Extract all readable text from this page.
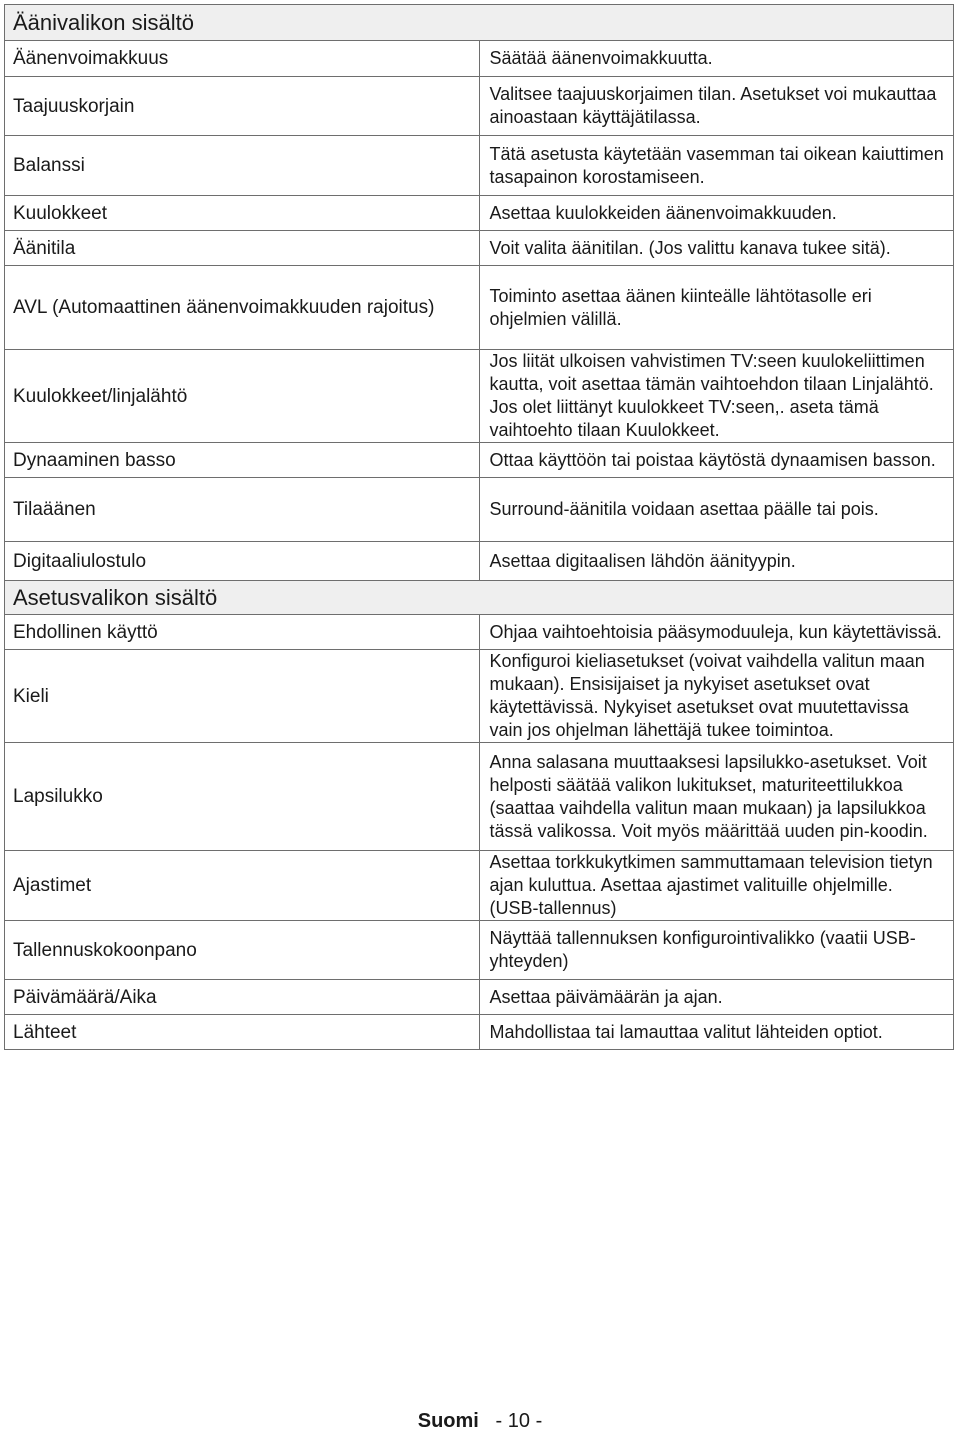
Äänivalikon sisältö	
Äänenvoimakkuus	Säätää äänenvoimakkuutta.
Taajuuskorjain	Valitsee taajuuskorjaimen tilan. Asetukset voi mukauttaa ainoastaan käyttäjätilassa.
Balanssi	Tätä asetusta käytetään vasemman tai oikean kaiuttimen tasapainon korostamiseen.
Kuulokkeet	Asettaa kuulokkeiden äänenvoimakkuuden.
Äänitila	Voit valita äänitilan. (Jos valittu kanava tukee sitä).
AVL (Automaattinen äänenvoimakkuuden rajoitus)	Toiminto asettaa äänen kiinteälle lähtötasolle eri ohjelmien välillä.
Kuulokkeet/linjalähtö	Jos liität ulkoisen vahvistimen TV:seen kuulokeliittimen kautta, voit asettaa tämän vaihtoehdon tilaan Linjalähtö. Jos olet liittänyt kuulokkeet TV:seen,. aseta tämä vaihtoehto tilaan Kuulokkeet.
Dynaaminen basso	Ottaa käyttöön tai poistaa käytöstä dynaamisen basson.
Tilaäänen	Surround-äänitila voidaan asettaa päälle tai pois.
Digitaaliulostulo	Asettaa digitaalisen lähdön äänityypin.
Asetusvalikon sisältö	
Ehdollinen käyttö	Ohjaa vaihtoehtoisia pääsymoduuleja, kun käytettävissä.
Kieli	Konfiguroi kieliasetukset (voivat vaihdella valitun maan mukaan). Ensisijaiset ja nykyiset asetukset ovat käytettävissä. Nykyiset asetukset ovat muutettavissa vain jos ohjelman lähettäjä tukee toimintoa.
Lapsilukko	Anna salasana muuttaaksesi lapsilukko-asetukset. Voit helposti säätää valikon lukitukset, maturiteettilukkoa (saattaa vaihdella valitun maan mukaan) ja lapsilukkoa tässä valikossa. Voit myös määrittää uuden pin-koodin.
Ajastimet	Asettaa torkkukytkimen sammuttamaan television tietyn ajan kuluttua. Asettaa ajastimet valituille ohjelmille. (USB-tallennus)
Tallennuskokoonpano	Näyttää tallennuksen konfigurointivalikko (vaatii USB-yhteyden)
Päivämäärä/Aika	Asettaa päivämäärän ja ajan.
Lähteet	Mahdollistaa tai lamauttaa valitut lähteiden optiot.
Suomi - 10 -
